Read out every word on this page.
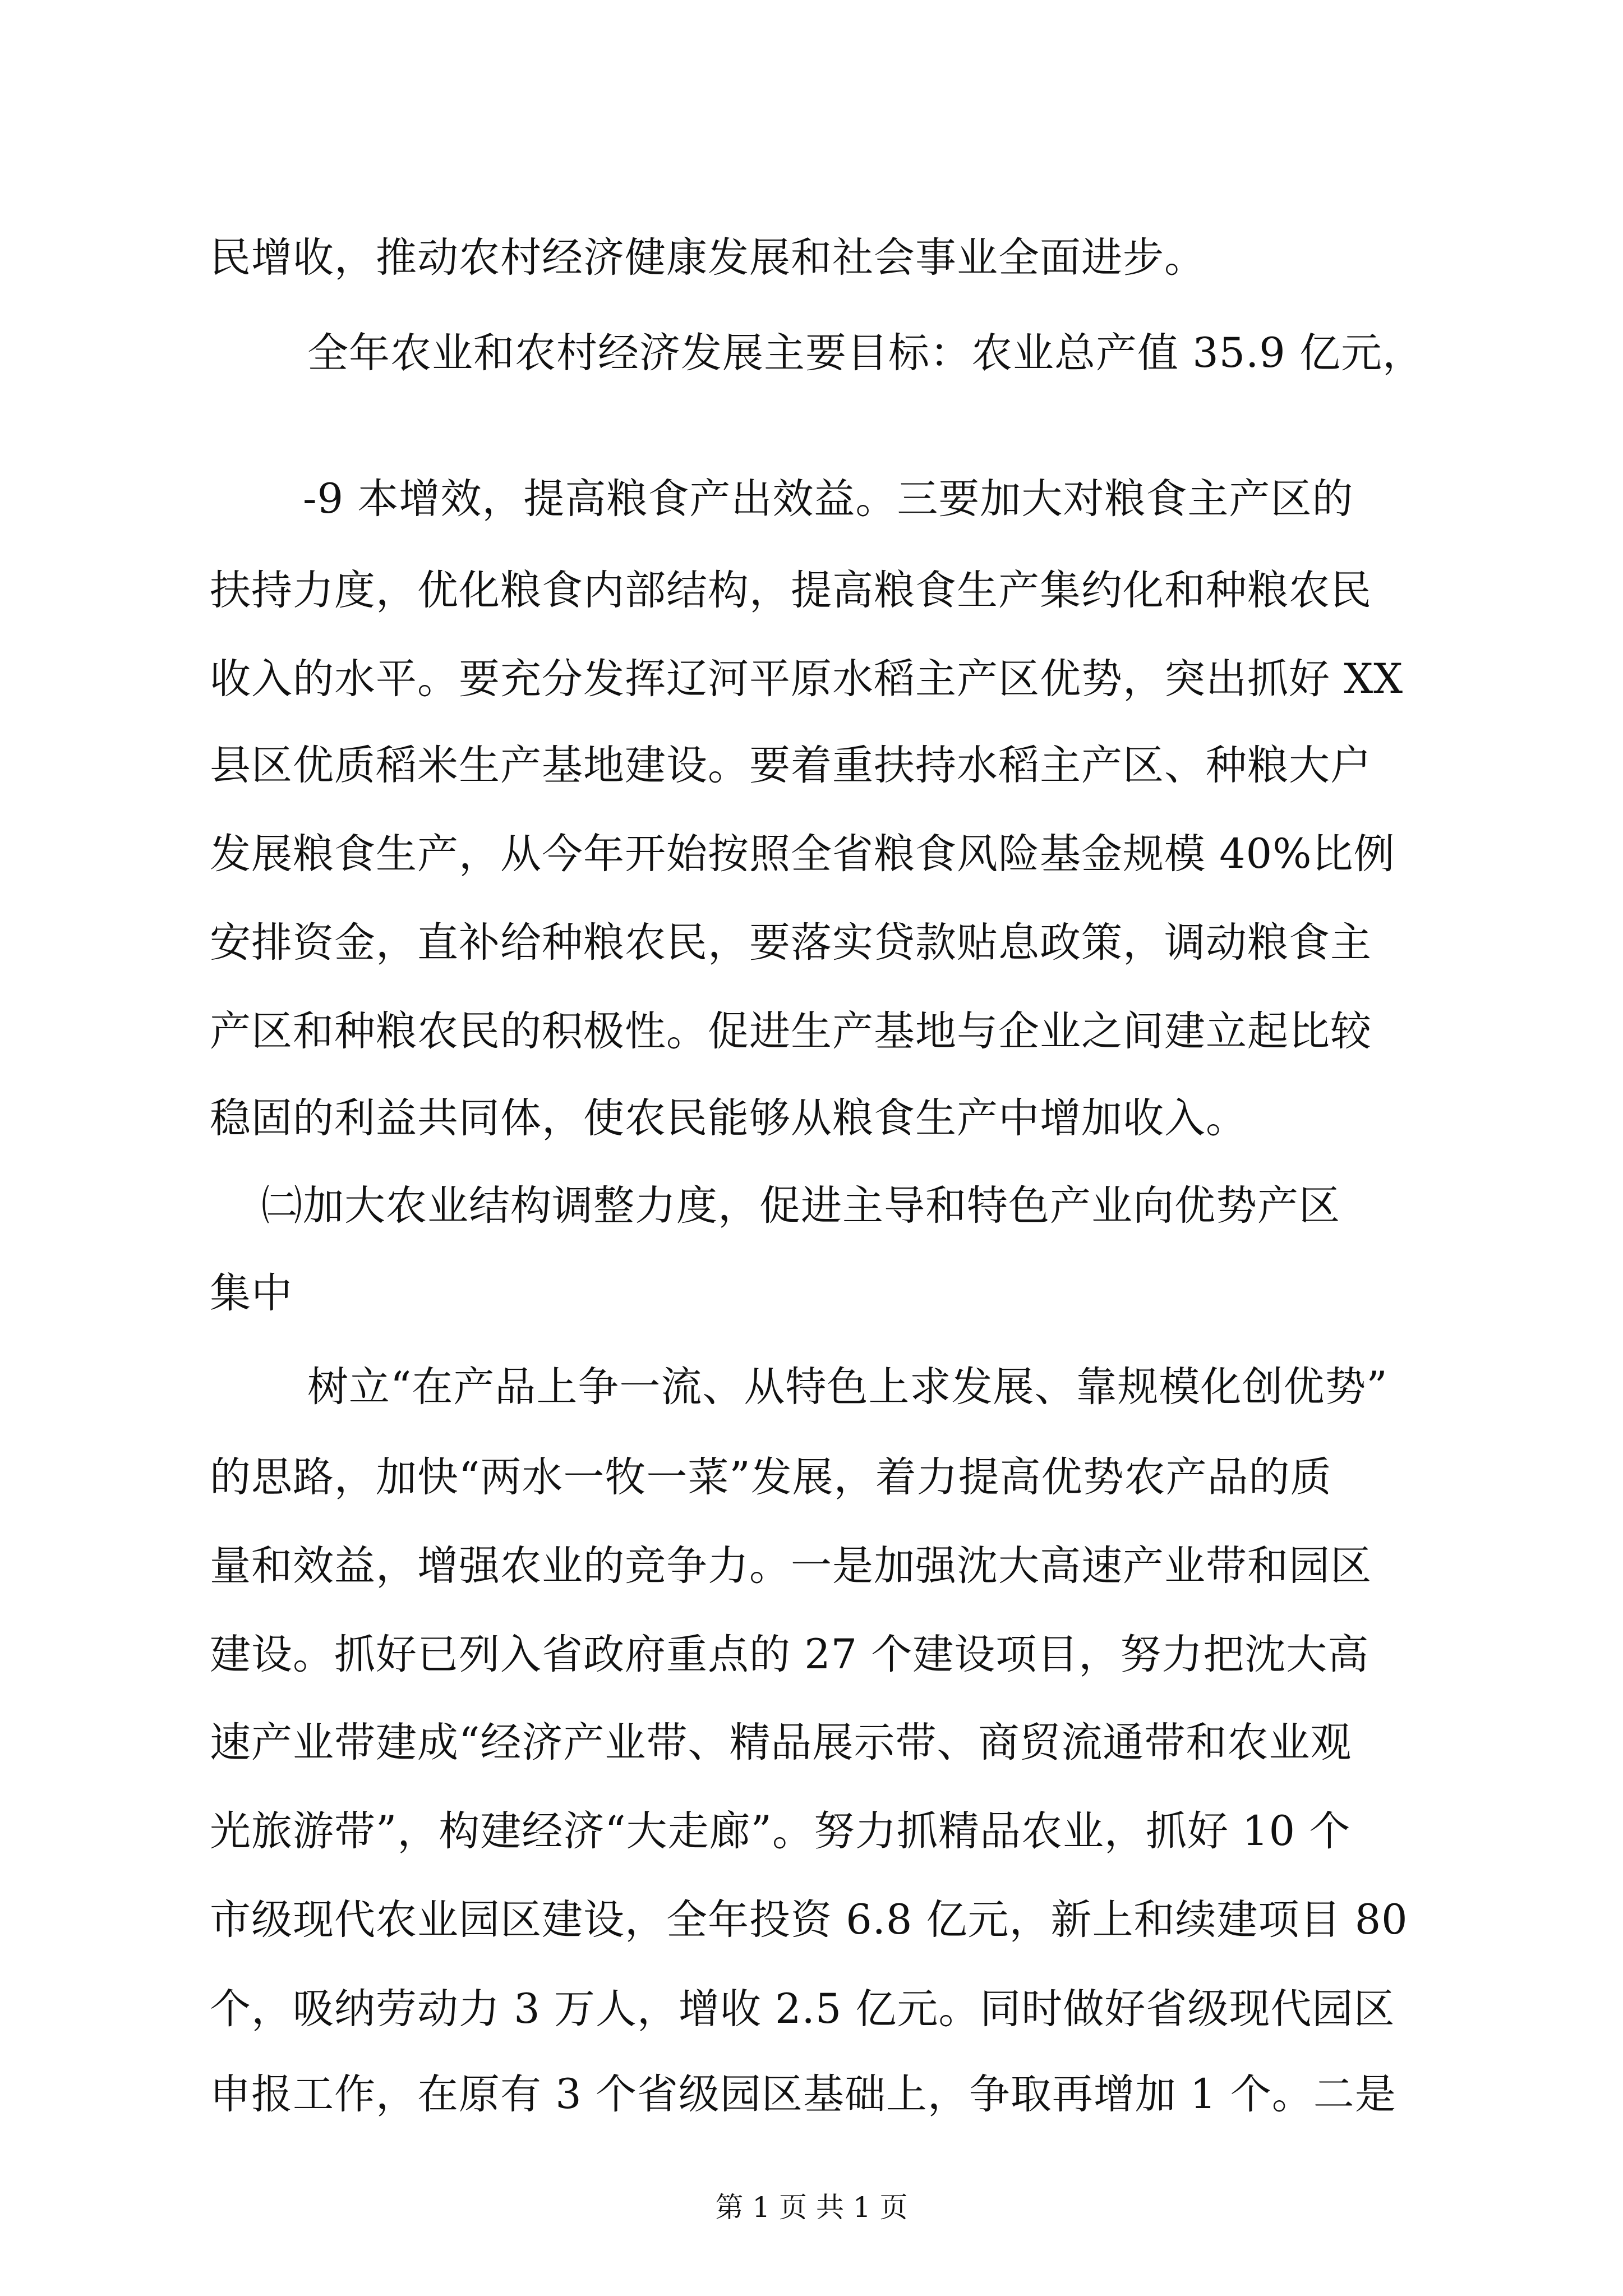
民增收，推动农村经济健康发展和社会事业全面进步。
全年农业和农村经济发展主要目标：农业总产值 35.9 亿元，
-9 本增效，提高粮食产出效益。三要加大对粮食主产区的
扶持力度，优化粮食内部结构，提高粮食生产集约化和种粮农民
收入的水平。要充分发挥辽河平原水稻主产区优势，突出抓好 XX
县区优质稻米生产基地建设。要着重扶持水稻主产区、种粮大户
发展粮食生产，从今年开始按照全省粮食风险基金规模 40%比例
安排资金，直补给种粮农民，要落实贷款贴息政策，调动粮食主
产区和种粮农民的积极性。促进生产基地与企业之间建立起比较
稳固的利益共同体，使农民能够从粮食生产中增加收入。
㈡加大农业结构调整力度，促进主导和特色产业向优势产区
集中
树立“在产品上争一流、从特色上求发展、靠规模化创优势”
的思路，加快“两水一牧一菜”发展，着力提高优势农产品的质
量和效益，增强农业的竞争力。一是加强沈大高速产业带和园区
建设。抓好已列入省政府重点的 27 个建设项目，努力把沈大高
速产业带建成“经济产业带、精品展示带、商贸流通带和农业观
光旅游带”，构建经济“大走廊”。努力抓精品农业，抓好 10 个
市级现代农业园区建设，全年投资 6.8 亿元，新上和续建项目 80
个，吸纳劳动力 3 万人，增收 2.5 亿元。同时做好省级现代园区
申报工作，在原有 3 个省级园区基础上，争取再增加 1 个。二是
第 1 页 共 1 页
